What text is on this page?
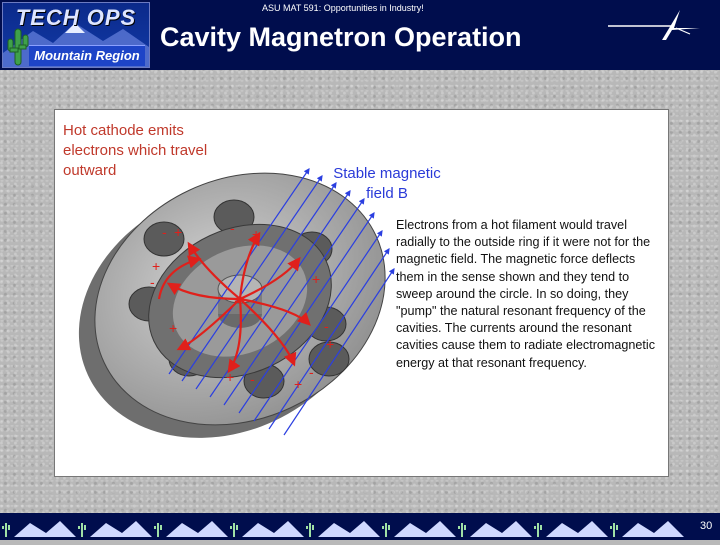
TECH OPS
Mountain Region
ASU MAT 591: Opportunities in Industry!
Cavity Magnetron Operation
+
-	- +
-
+
-
+
-
+
-
+
-
+
-
+
-

Hot cathode emits electrons which travel outward	Stable magnetic field B

Electrons from a hot filament would travel radially to the outside ring if it were not for the magnetic field. The magnetic force deflects them in the sense shown and they tend to sweep around the circle. In so doing, they "pump" the natural resonant frequency of the cavities. The currents around the resonant cavities cause them to radiate electromagnetic energy at that resonant frequency.

30
